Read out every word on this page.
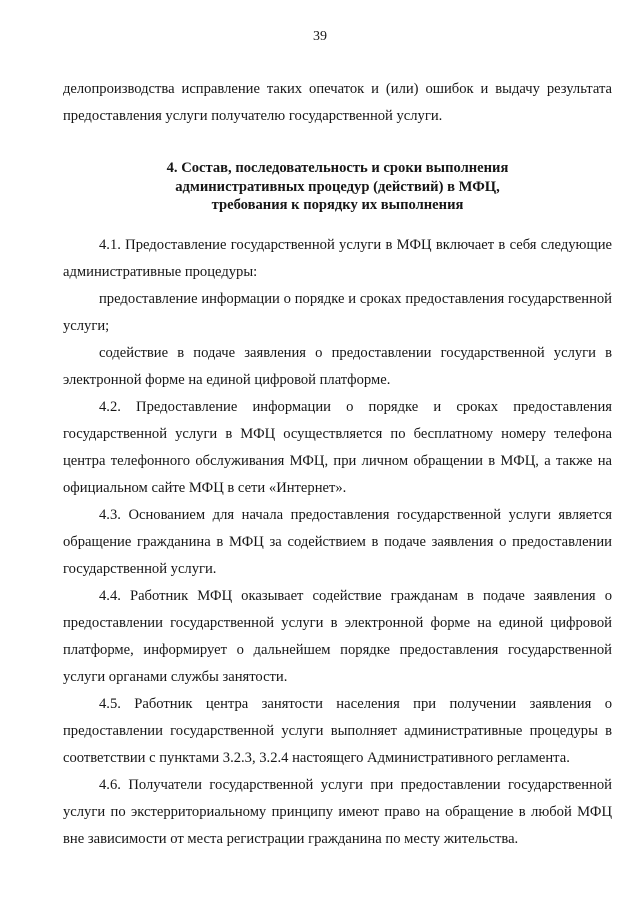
39

делопроизводства исправление таких опечаток и (или) ошибок и выдачу результата предоставления услуги получателю государственной услуги.

4. Состав, последовательность и сроки выполнения
административных процедур (действий) в МФЦ,
требования к порядку их выполнения

4.1. Предоставление государственной услуги в МФЦ включает в себя следующие административные процедуры:

предоставление информации о порядке и сроках предоставления государственной услуги;

содействие в подаче заявления о предоставлении государственной услуги в электронной форме на единой цифровой платформе.

4.2. Предоставление информации о порядке и сроках предоставления государственной услуги в МФЦ осуществляется по бесплатному номеру телефона центра телефонного обслуживания МФЦ, при личном обращении в МФЦ, а также на официальном сайте МФЦ в сети «Интернет».

4.3. Основанием для начала предоставления государственной услуги является обращение гражданина в МФЦ за содействием в подаче заявления о предоставлении государственной услуги.

4.4. Работник МФЦ оказывает содействие гражданам в подаче заявления о предоставлении государственной услуги в электронной форме на единой цифровой платформе, информирует о дальнейшем порядке предоставления государственной услуги органами службы занятости.

4.5. Работник центра занятости населения при получении заявления о предоставлении государственной услуги выполняет административные процедуры в соответствии с пунктами 3.2.3, 3.2.4 настоящего Административного регламента.

4.6. Получатели государственной услуги при предоставлении государственной услуги по экстерриториальному принципу имеют право на обращение в любой МФЦ вне зависимости от места регистрации гражданина по месту жительства.
